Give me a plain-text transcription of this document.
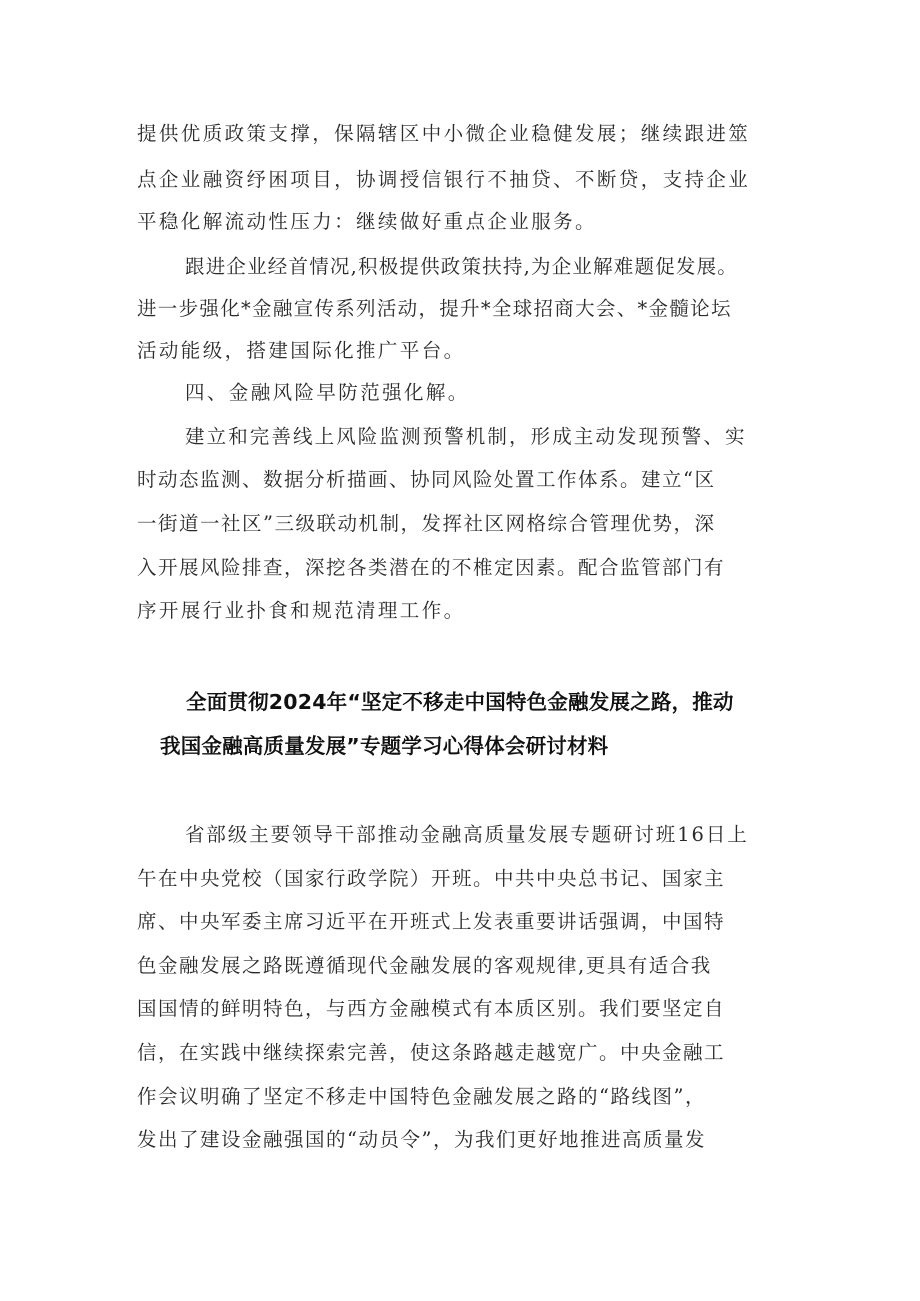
提供优质政策支撑，保隔辖区中小微企业稳健发展；继续跟进筮
点企业融资纾困项目，协调授信银行不抽贷、不断贷，支持企业
平稳化解流动性压力：继续做好重点企业服务。
跟进企业经首情况,积极提供政策扶持,为企业解难题促发展。
进一步强化*金融宣传系列活动，提升*全球招商大会、*金髓论坛
活动能级，搭建国际化推广平台。
四、金融风险早防范强化解。
建立和完善线上风险监测预警机制，形成主动发现预警、实
时动态监测、数据分析描画、协同风险处置工作体系。建立“区
一街道一社区”三级联动机制，发挥社区网格综合管理优势，深
入开展风险排查，深挖各类潜在的不椎定因素。配合监管部门有
序开展行业扑食和规范清理工作。
全面贯彻2024年“坚定不移走中国特色金融发展之路，推动
我国金融高质量发展”专题学习心得体会研讨材料
省部级主要领导干部推动金融高质量发展专题研讨班16日上
午在中央党校（国家行政学院）开班。中共中央总书记、国家主
席、中央军委主席习近平在开班式上发表重要讲话强调，中国特
色金融发展之路既遵循现代金融发展的客观规律,更具有适合我
国国情的鲜明特色，与西方金融模式有本质区别。我们要坚定自
信，在实践中继续探索完善，使这条路越走越宽广。中央金融工
作会议明确了坚定不移走中国特色金融发展之路的“路线图”，
发出了建设金融强国的“动员令”，为我们更好地推进高质量发
